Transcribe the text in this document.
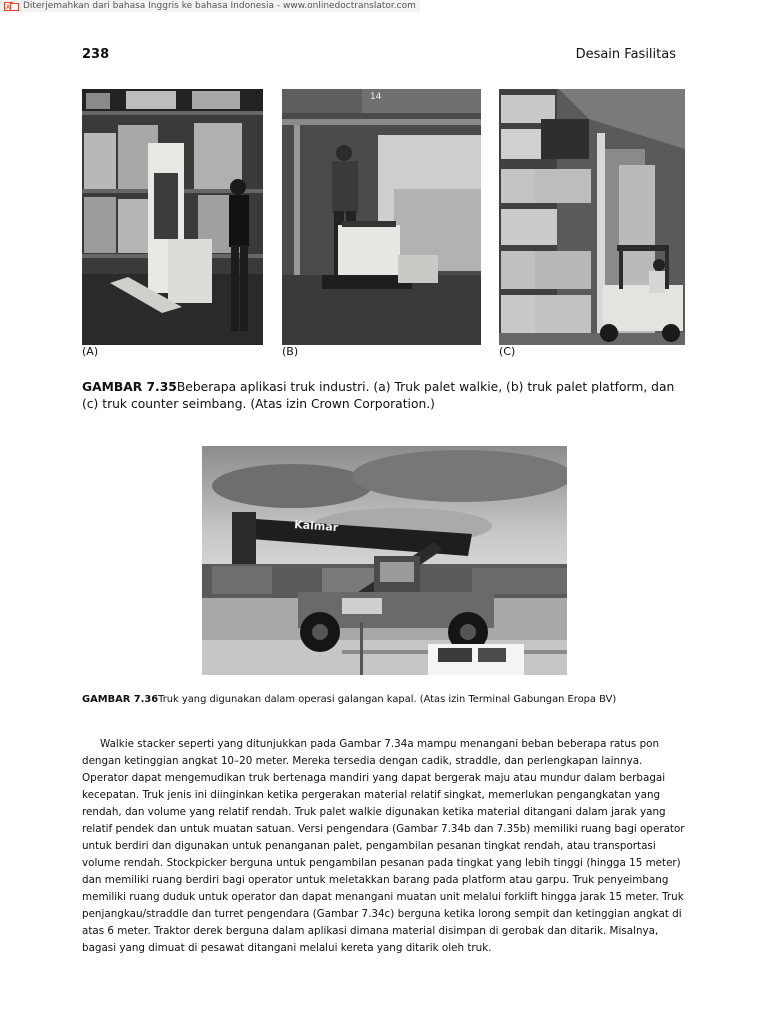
A Diterjemahkan dari bahasa Inggris ke bahasa Indonesia - www.onlinedoctranslator.com
238	Desain Fasilitas
(A)
14
(B)	(C)
GAMBAR 7.35Beberapa aplikasi truk industri. (a) Truk palet walkie, (b) truk palet platform, dan (c) truk counter seimbang. (Atas izin Crown Corporation.)
Kalmar
GAMBAR 7.36Truk yang digunakan dalam operasi galangan kapal. (Atas izin Terminal Gabungan Eropa BV)

Walkie stacker seperti yang ditunjukkan pada Gambar 7.34a mampu menangani beban beberapa ratus pon dengan ketinggian angkat 10–20 meter. Mereka tersedia dengan cadik, straddle, dan perlengkapan lainnya. Operator dapat mengemudikan truk bertenaga mandiri yang dapat bergerak maju atau mundur dalam berbagai kecepatan. Truk jenis ini diinginkan ketika pergerakan material relatif singkat, memerlukan pengangkatan yang rendah, dan volume yang relatif rendah. Truk palet walkie digunakan ketika material ditangani dalam jarak yang relatif pendek dan untuk muatan satuan. Versi pengendara (Gambar 7.34b dan 7.35b) memiliki ruang bagi operator untuk berdiri dan digunakan untuk penanganan palet, pengambilan pesanan tingkat rendah, atau transportasi volume rendah. Stockpicker berguna untuk pengambilan pesanan pada tingkat yang lebih tinggi (hingga 15 meter) dan memiliki ruang berdiri bagi operator untuk meletakkan barang pada platform atau garpu. Truk penyeimbang memiliki ruang duduk untuk operator dan dapat menangani muatan unit melalui forklift hingga jarak 15 meter. Truk penjangkau/straddle dan turret pengendara (Gambar 7.34c) berguna ketika lorong sempit dan ketinggian angkat di atas 6 meter. Traktor derek berguna dalam aplikasi dimana material disimpan di gerobak dan ditarik. Misalnya, bagasi yang dimuat di pesawat ditangani melalui kereta yang ditarik oleh truk.
